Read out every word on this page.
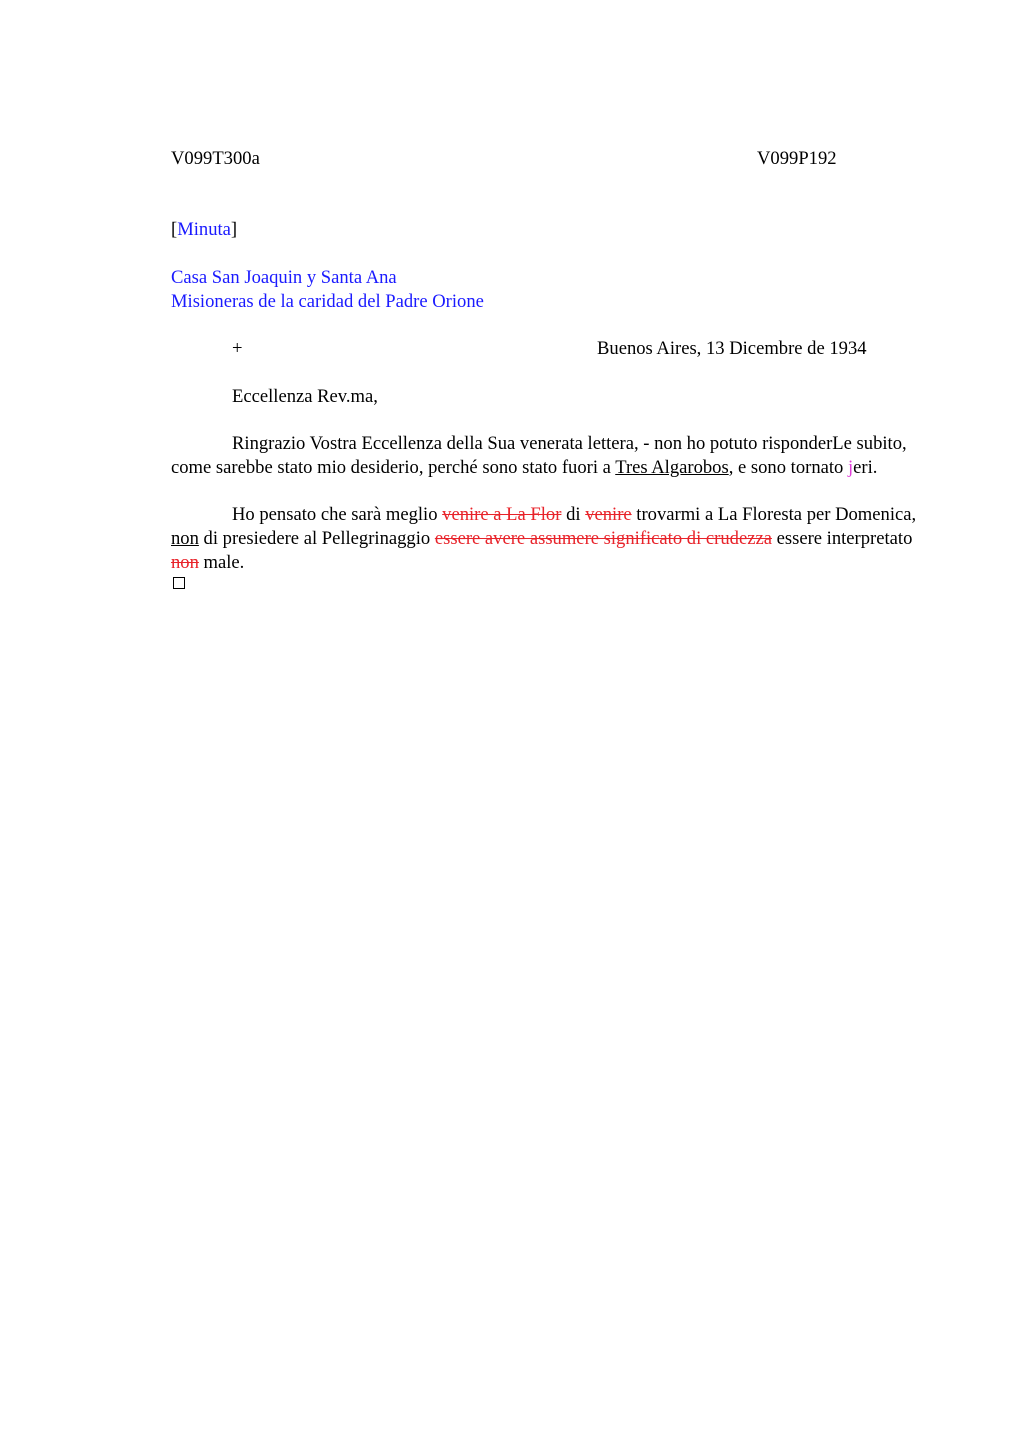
V099T300a	V099P192
[Minuta]
Casa San Joaquin y Santa Ana
Misioneras de la caridad del Padre Orione
+	Buenos Aires, 13 Dicembre de 1934
Eccellenza Rev.ma,
Ringrazio Vostra Eccellenza della Sua venerata lettera, - non ho potuto risponderLe subito, come sarebbe stato mio desiderio, perché sono stato fuori a Tres Algarobos, e sono tornato jeri.
Ho pensato che sarà meglio venire a La Flor di venire trovarmi a La Floresta per Domenica, non di presiedere al Pellegrinaggio essere avere assumere significato di crudezza essere interpretato non male.
